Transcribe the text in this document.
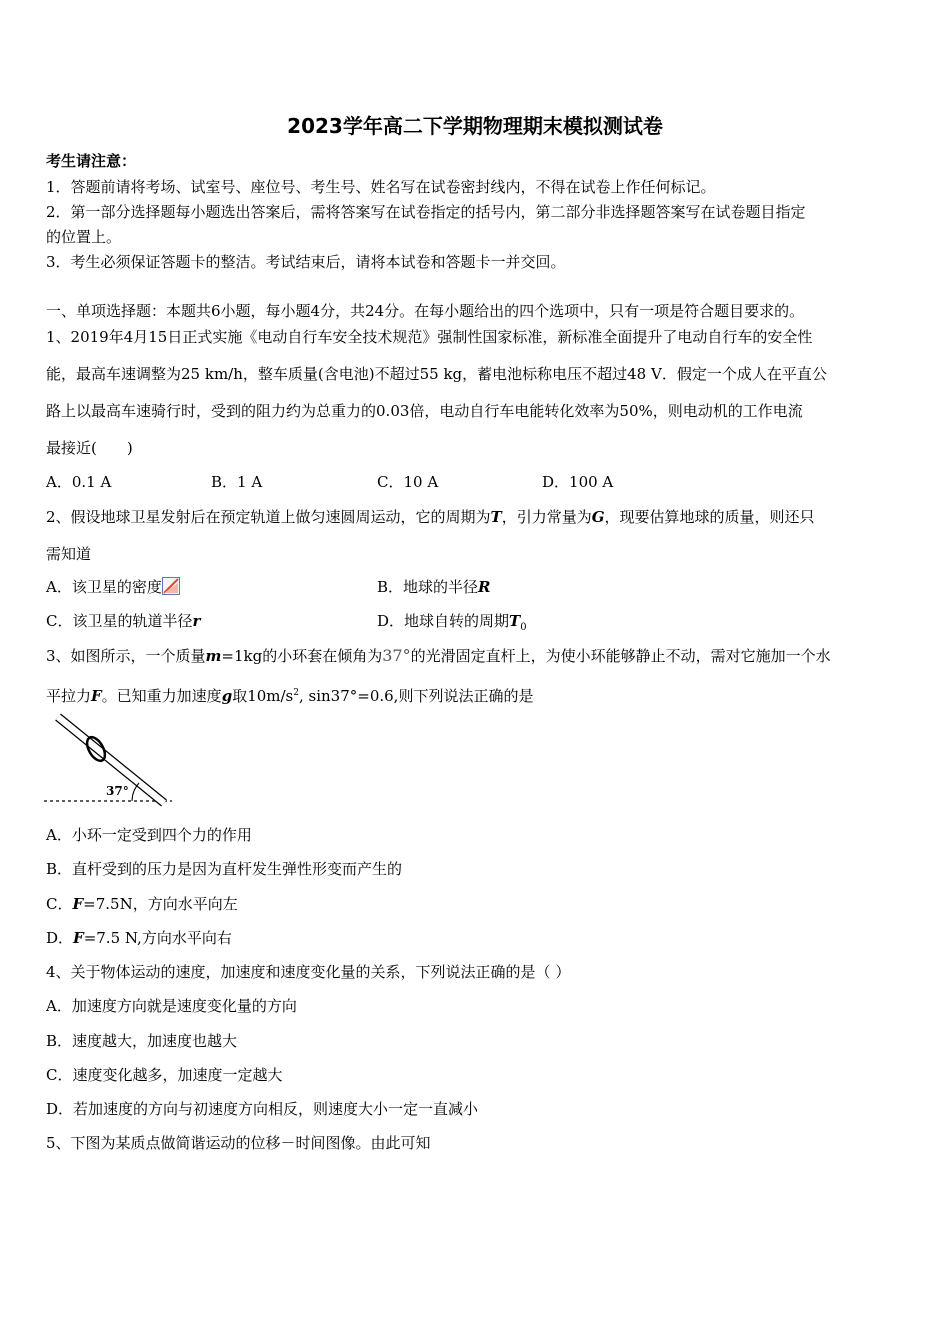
2023学年高二下学期物理期末模拟测试卷
考生请注意：
1．答题前请将考场、试室号、座位号、考生号、姓名写在试卷密封线内，不得在试卷上作任何标记。
2．第一部分选择题每小题选出答案后，需将答案写在试卷指定的括号内，第二部分非选择题答案写在试卷题目指定
的位置上。
3．考生必须保证答题卡的整洁。考试结束后，请将本试卷和答题卡一并交回。
一、单项选择题：本题共6小题，每小题4分，共24分。在每小题给出的四个选项中，只有一项是符合题目要求的。
1、2019年4月15日正式实施《电动自行车安全技术规范》强制性国家标准，新标准全面提升了电动自行车的安全性
能，最高车速调整为25 km/h，整车质量(含电池)不超过55 kg，蓄电池标称电压不超过48 V．假定一个成人在平直公
路上以最高车速骑行时，受到的阻力约为总重力的0.03倍，电动自行车电能转化效率为50%，则电动机的工作电流
最接近(　　)
A．0.1 A	B．1 A	C．10 A	D．100 A
2、假设地球卫星发射后在预定轨道上做匀速圆周运动，它的周期为T，引力常量为G，现要估算地球的质量，则还只
需知道
A．该卫星的密度	B．地球的半径R
C．该卫星的轨道半径r	D．地球自转的周期$T_0$
3、如图所示，一个质量m=1kg的小环套在倾角为37°的光滑固定直杆上，为使小环能够静止不动，需对它施加一个水
平拉力F。已知重力加速度g取$10m/s^2$, sin37°=0.6,则下列说法正确的是
37°
A．小环一定受到四个力的作用
B．直杆受到的压力是因为直杆发生弹性形变而产生的
C．F=7.5N，方向水平向左
D．F=7.5 N,方向水平向右
4、关于物体运动的速度，加速度和速度变化量的关系，下列说法正确的是（ ）
A．加速度方向就是速度变化量的方向
B．速度越大，加速度也越大
C．速度变化越多，加速度一定越大
D．若加速度的方向与初速度方向相反，则速度大小一定一直减小
5、下图为某质点做简谐运动的位移－时间图像。由此可知
